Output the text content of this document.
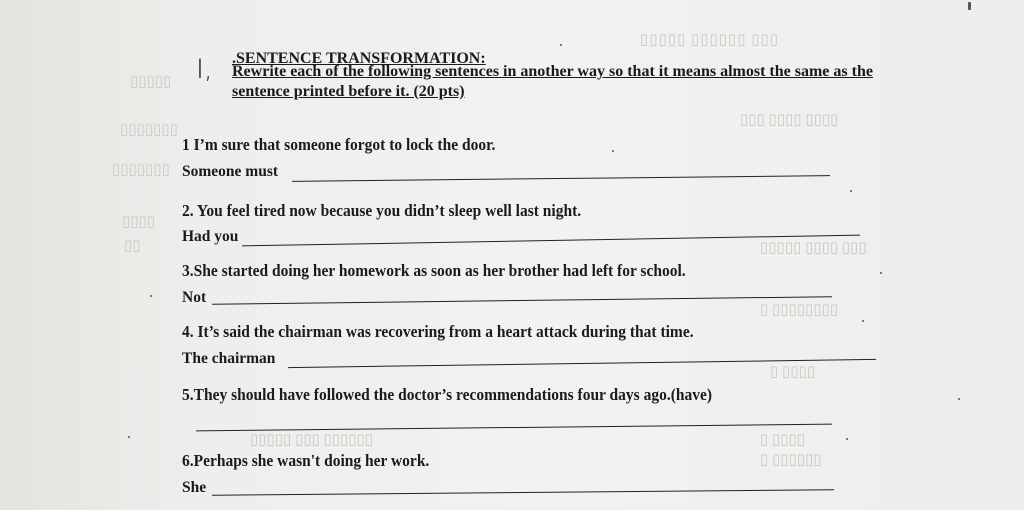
▯▯▯▯▯ ▯▯▯▯▯▯ ▯▯▯
▯▯▯▯▯
▯▯▯▯▯▯▯
▯▯▯▯▯▯▯
▯▯▯▯
▯▯
▯▯▯ ▯▯▯▯ ▯▯▯▯
▯▯▯▯▯ ▯▯▯▯ ▯▯▯
▯ ▯▯▯▯▯▯▯▯
▯ ▯▯▯▯
▯ ▯▯▯▯
▯ ▯▯▯▯▯▯
▯▯▯▯▯ ▯▯▯ ▯▯▯▯▯▯
I, .SENTENCE TRANSFORMATION:
Rewrite each of the following sentences in another way so that it means almost the same as the sentence printed before it. (20 pts)
1 I’m sure that someone forgot to lock the door.
Someone must
2. You feel tired now because you didn’t sleep well last night.
Had you
3.She started doing her homework as soon as her brother had left for school.
Not
4. It’s said the chairman was recovering from a heart attack during that time.
The chairman
5.They should have followed the doctor’s recommendations four days ago.(have)
6.Perhaps she wasn't doing her work.
She
